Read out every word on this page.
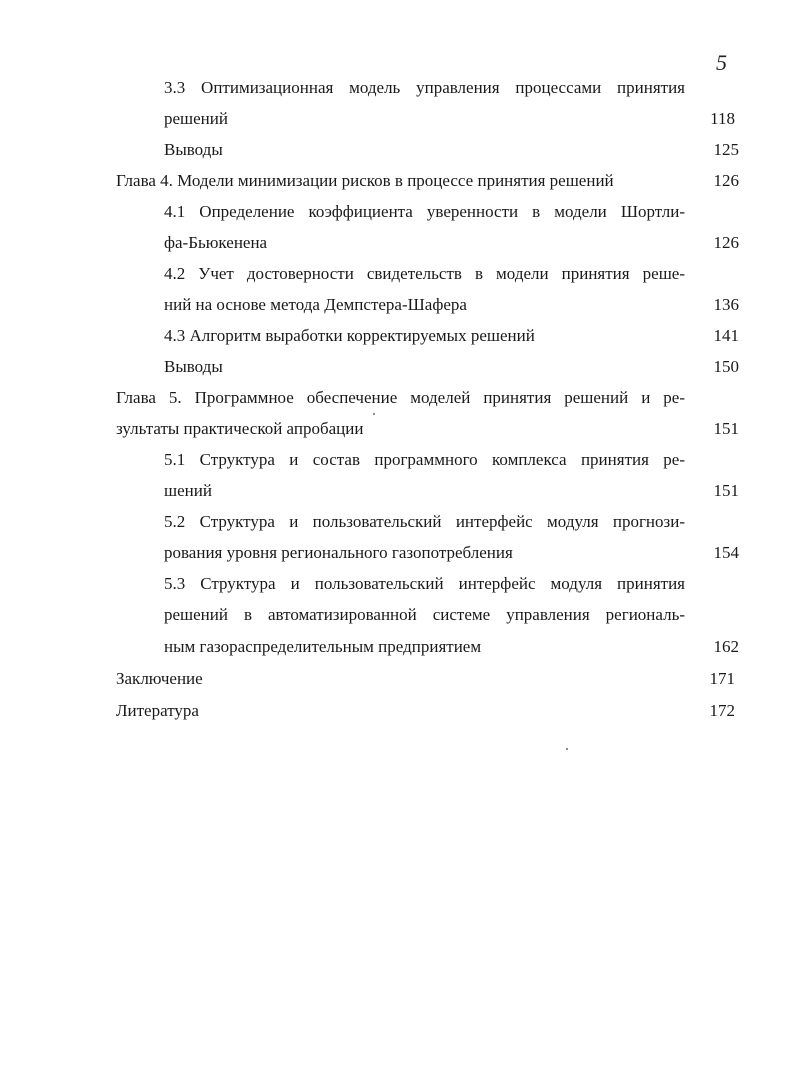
5
3.3 Оптимизационная модель управления процессами принятия
решений	118
Выводы	125
Глава 4. Модели минимизации рисков в процессе принятия решений	126
4.1 Определение коэффициента уверенности в модели Шортли-
фа-Бьюкенена	126
4.2 Учет достоверности свидетельств в модели принятия реше-
ний на основе метода Демпстера-Шафера	136
4.3 Алгоритм выработки корректируемых решений	141
Выводы	150
Глава 5. Программное обеспечение моделей принятия решений и ре-
зультаты практической апробации	151
5.1 Структура и состав программного комплекса принятия ре-
шений	151
5.2 Структура и пользовательский интерфейс модуля прогнози-
рования уровня регионального газопотребления	154
5.3 Структура и пользовательский интерфейс модуля принятия
решений в автоматизированной системе управления региональ-
ным газораспределительным предприятием	162
Заключение	171
Литература	172
